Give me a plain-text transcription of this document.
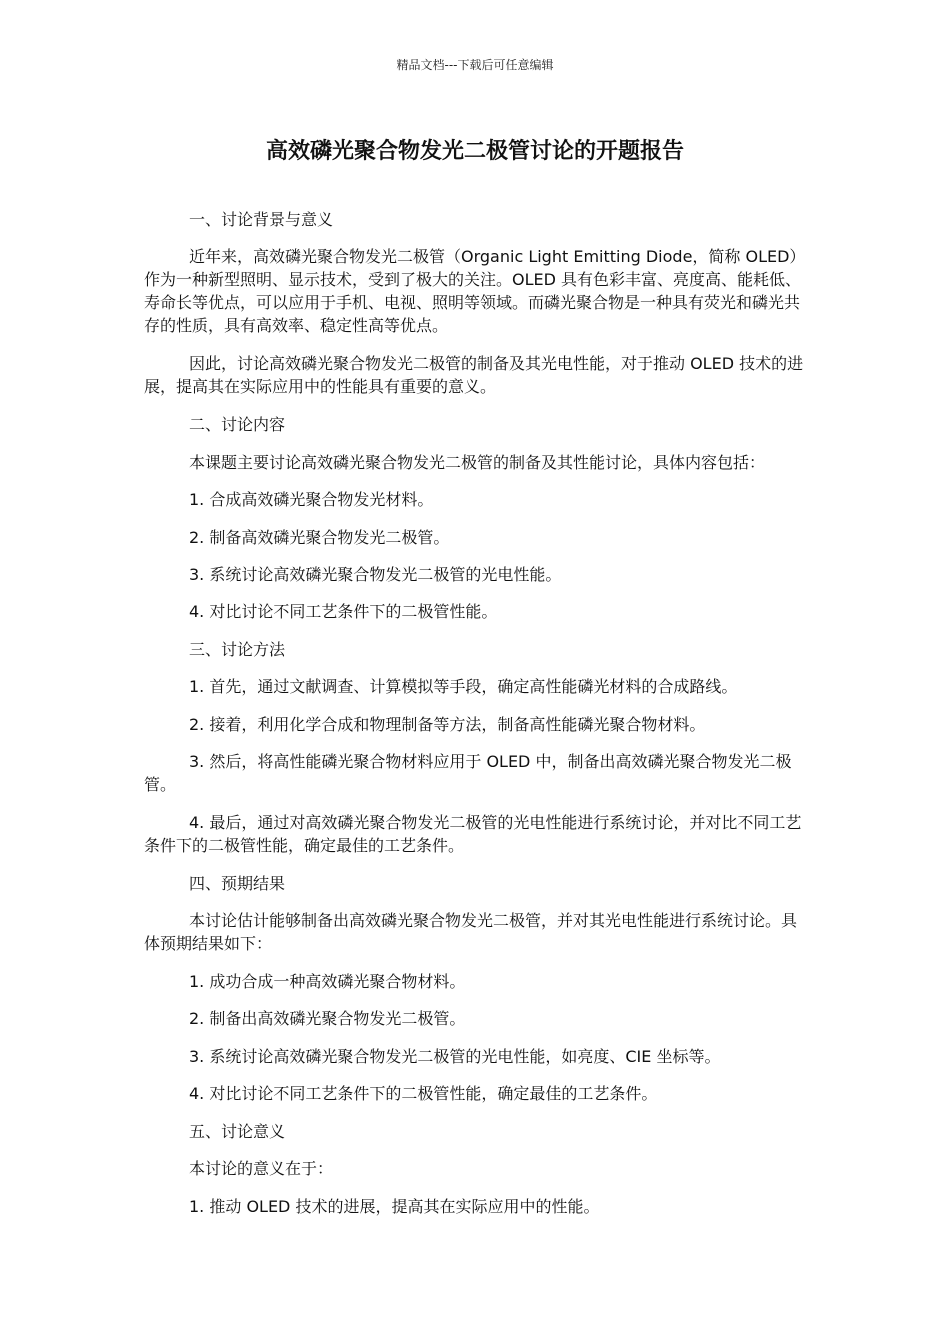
精品文档---下载后可任意编辑
高效磷光聚合物发光二极管讨论的开题报告

一、讨论背景与意义

近年来，高效磷光聚合物发光二极管（Organic Light Emitting Diode，简称 OLED）作为一种新型照明、显示技术，受到了极大的关注。OLED 具有色彩丰富、亮度高、能耗低、寿命长等优点，可以应用于手机、电视、照明等领域。而磷光聚合物是一种具有荧光和磷光共存的性质，具有高效率、稳定性高等优点。

因此，讨论高效磷光聚合物发光二极管的制备及其光电性能，对于推动 OLED 技术的进展，提高其在实际应用中的性能具有重要的意义。

二、讨论内容

本课题主要讨论高效磷光聚合物发光二极管的制备及其性能讨论，具体内容包括：

1. 合成高效磷光聚合物发光材料。

2. 制备高效磷光聚合物发光二极管。

3. 系统讨论高效磷光聚合物发光二极管的光电性能。

4. 对比讨论不同工艺条件下的二极管性能。

三、讨论方法

1. 首先，通过文献调查、计算模拟等手段，确定高性能磷光材料的合成路线。

2. 接着，利用化学合成和物理制备等方法，制备高性能磷光聚合物材料。

3. 然后，将高性能磷光聚合物材料应用于 OLED 中，制备出高效磷光聚合物发光二极管。

4. 最后，通过对高效磷光聚合物发光二极管的光电性能进行系统讨论，并对比不同工艺条件下的二极管性能，确定最佳的工艺条件。

四、预期结果

本讨论估计能够制备出高效磷光聚合物发光二极管，并对其光电性能进行系统讨论。具体预期结果如下：

1. 成功合成一种高效磷光聚合物材料。

2. 制备出高效磷光聚合物发光二极管。

3. 系统讨论高效磷光聚合物发光二极管的光电性能，如亮度、CIE 坐标等。

4. 对比讨论不同工艺条件下的二极管性能，确定最佳的工艺条件。

五、讨论意义

本讨论的意义在于：

1. 推动 OLED 技术的进展，提高其在实际应用中的性能。
